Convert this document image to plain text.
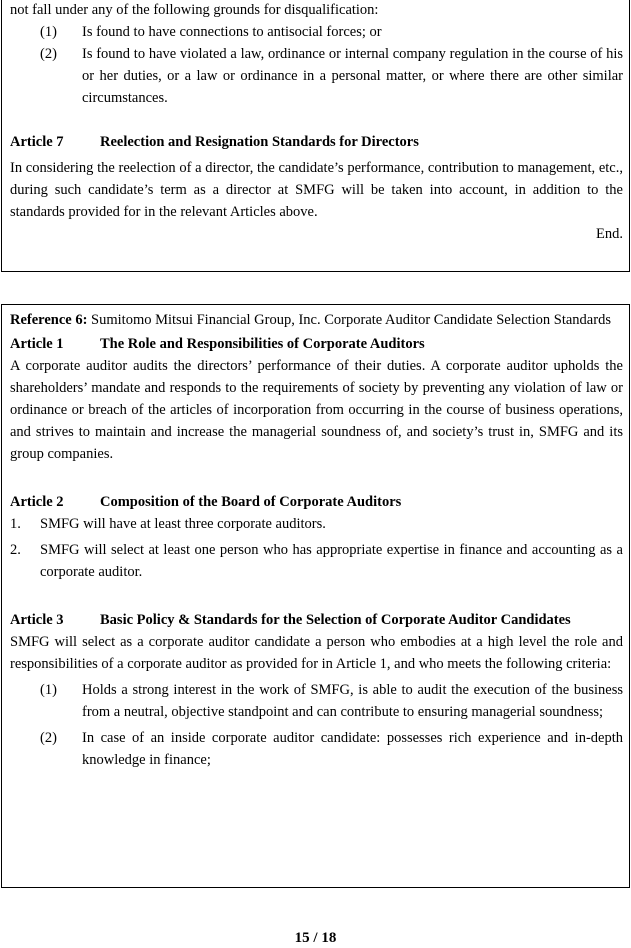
not fall under any of the following grounds for disqualification:

(1)	Is found to have connections to antisocial forces; or
(2)	Is found to have violated a law, ordinance or internal company regulation in the course of his or her duties, or a law or ordinance in a personal matter, or where there are other similar circumstances.
Article 7	Reelection and Resignation Standards for Directors

In considering the reelection of a director, the candidate’s performance, contribution to management, etc., during such candidate’s term as a director at SMFG will be taken into account, in addition to the standards provided for in the relevant Articles above.

End.

Reference 6: Sumitomo Mitsui Financial Group, Inc. Corporate Auditor Candidate Selection Standards

Article 1	The Role and Responsibilities of Corporate Auditors

A corporate auditor audits the directors’ performance of their duties. A corporate auditor upholds the shareholders’ mandate and responds to the requirements of society by preventing any violation of law or ordinance or breach of the articles of incorporation from occurring in the course of business operations, and strives to maintain and increase the managerial soundness of, and society’s trust in, SMFG and its group companies.

Article 2	Composition of the Board of Corporate Auditors
1.	SMFG will have at least three corporate auditors.
2.	SMFG will select at least one person who has appropriate expertise in finance and accounting as a corporate auditor.
Article 3	Basic Policy & Standards for the Selection of Corporate Auditor Candidates

SMFG will select as a corporate auditor candidate a person who embodies at a high level the role and responsibilities of a corporate auditor as provided for in Article 1, and who meets the following criteria:

(1)	Holds a strong interest in the work of SMFG, is able to audit the execution of the business from a neutral, objective standpoint and can contribute to ensuring managerial soundness;
(2)	In case of an inside corporate auditor candidate: possesses rich experience and in-depth knowledge in finance;
15 / 18
